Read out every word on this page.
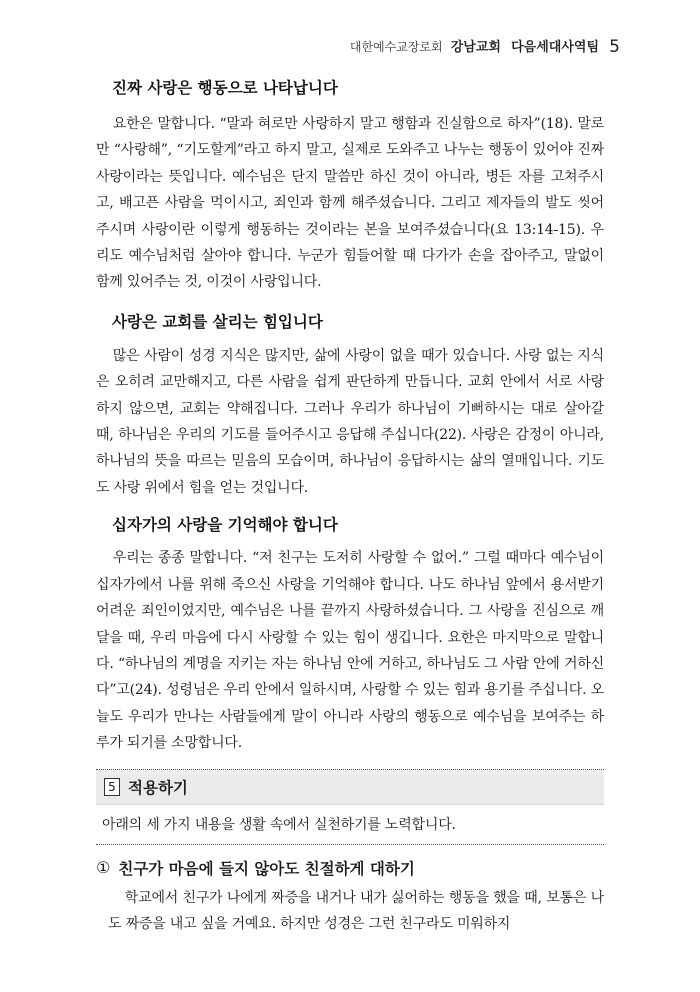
대한예수교장로회 강남교회 다음세대사역팀 5
진짜 사랑은 행동으로 나타납니다

요한은 말합니다. “말과 혀로만 사랑하지 말고 행함과 진실함으로 하자”(18). 말로만 “사랑해”, “기도할게”라고 하지 말고, 실제로 도와주고 나누는 행동이 있어야 진짜 사랑이라는 뜻입니다. 예수님은 단지 말씀만 하신 것이 아니라, 병든 자를 고쳐주시고, 배고픈 사람을 먹이시고, 죄인과 함께 해주셨습니다. 그리고 제자들의 발도 씻어주시며 사랑이란 이렇게 행동하는 것이라는 본을 보여주셨습니다(요 13:14-15). 우리도 예수님처럼 살아야 합니다. 누군가 힘들어할 때 다가가 손을 잡아주고, 말없이 함께 있어주는 것, 이것이 사랑입니다.

사랑은 교회를 살리는 힘입니다

많은 사람이 성경 지식은 많지만, 삶에 사랑이 없을 때가 있습니다. 사랑 없는 지식은 오히려 교만해지고, 다른 사람을 쉽게 판단하게 만듭니다. 교회 안에서 서로 사랑하지 않으면, 교회는 약해집니다. 그러나 우리가 하나님이 기뻐하시는 대로 살아갈 때, 하나님은 우리의 기도를 들어주시고 응답해 주십니다(22). 사랑은 감정이 아니라, 하나님의 뜻을 따르는 믿음의 모습이며, 하나님이 응답하시는 삶의 열매입니다. 기도도 사랑 위에서 힘을 얻는 것입니다.

십자가의 사랑을 기억해야 합니다

우리는 종종 말합니다. “저 친구는 도저히 사랑할 수 없어.” 그럴 때마다 예수님이 십자가에서 나를 위해 죽으신 사랑을 기억해야 합니다. 나도 하나님 앞에서 용서받기 어려운 죄인이었지만, 예수님은 나를 끝까지 사랑하셨습니다. 그 사랑을 진심으로 깨달을 때, 우리 마음에 다시 사랑할 수 있는 힘이 생깁니다. 요한은 마지막으로 말합니다. “하나님의 계명을 지키는 자는 하나님 안에 거하고, 하나님도 그 사람 안에 거하신다”고(24). 성령님은 우리 안에서 일하시며, 사랑할 수 있는 힘과 용기를 주십니다. 오늘도 우리가 만나는 사람들에게 말이 아니라 사랑의 행동으로 예수님을 보여주는 하루가 되기를 소망합니다.

5 적용하기
아래의 세 가지 내용을 생활 속에서 실천하기를 노력합니다.
① 친구가 마음에 들지 않아도 친절하게 대하기

학교에서 친구가 나에게 짜증을 내거나 내가 싫어하는 행동을 했을 때, 보통은 나도 짜증을 내고 싶을 거예요. 하지만 성경은 그런 친구라도 미워하지
